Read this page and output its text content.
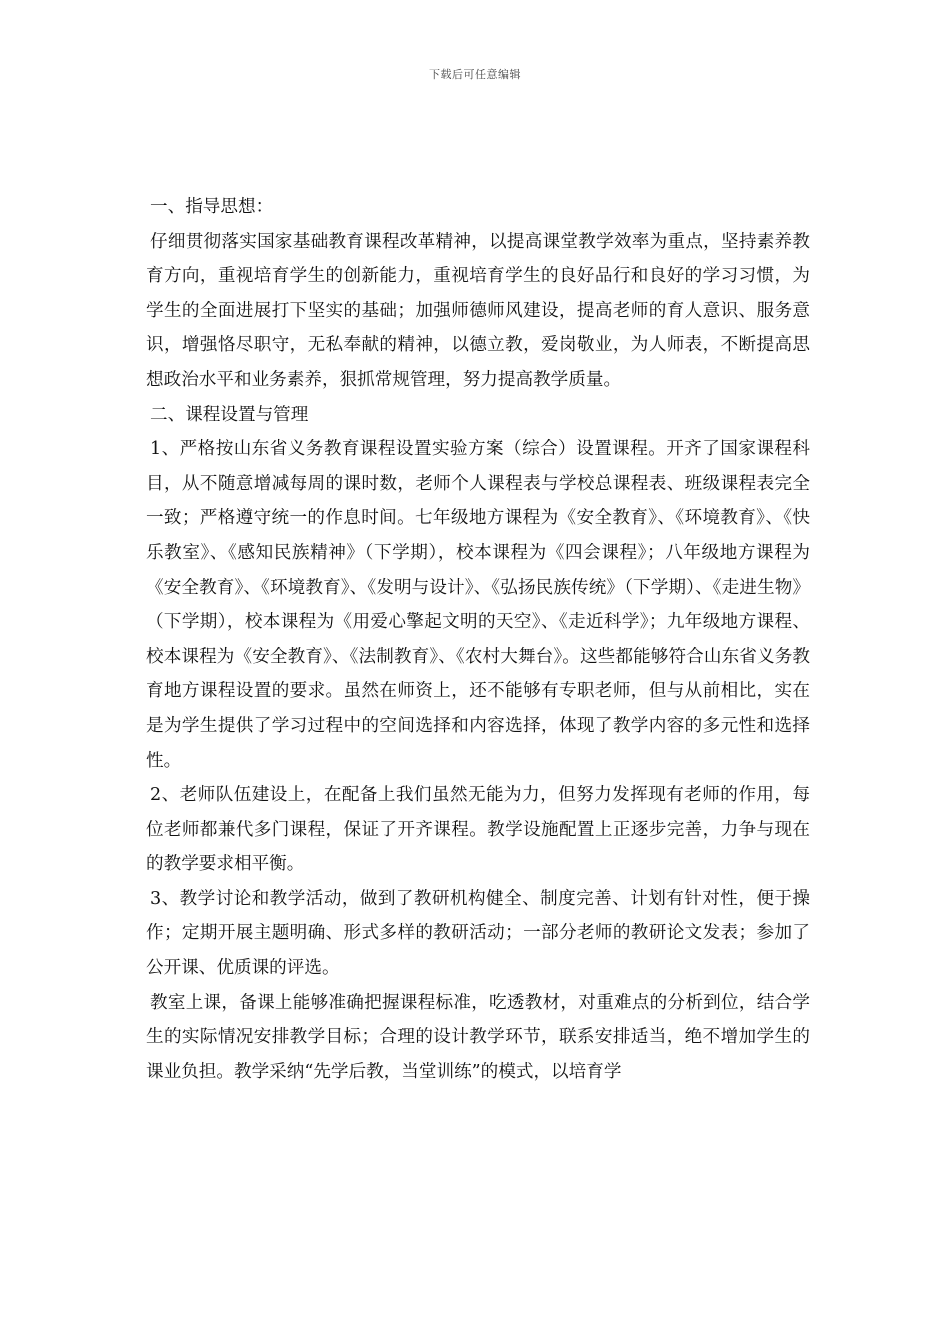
下载后可任意编辑

一、指导思想：

仔细贯彻落实国家基础教育课程改革精神，以提高课堂教学效率为重点，坚持素养教育方向，重视培育学生的创新能力，重视培育学生的良好品行和良好的学习习惯，为学生的全面进展打下坚实的基础；加强师德师风建设，提高老师的育人意识、服务意识，增强恪尽职守，无私奉献的精神，以德立教，爱岗敬业，为人师表，不断提高思想政治水平和业务素养，狠抓常规管理，努力提高教学质量。

二、课程设置与管理

1、严格按山东省义务教育课程设置实验方案（综合）设置课程。开齐了国家课程科目，从不随意增减每周的课时数，老师个人课程表与学校总课程表、班级课程表完全一致；严格遵守统一的作息时间。七年级地方课程为《安全教育》、《环境教育》、《快乐教室》、《感知民族精神》（下学期），校本课程为《四会课程》；八年级地方课程为《安全教育》、《环境教育》、《发明与设计》、《弘扬民族传统》（下学期）、《走进生物》（下学期），校本课程为《用爱心擎起文明的天空》、《走近科学》；九年级地方课程、校本课程为《安全教育》、《法制教育》、《农村大舞台》。这些都能够符合山东省义务教育地方课程设置的要求。虽然在师资上，还不能够有专职老师，但与从前相比，实在是为学生提供了学习过程中的空间选择和内容选择，体现了教学内容的多元性和选择性。

2、老师队伍建设上，在配备上我们虽然无能为力，但努力发挥现有老师的作用，每位老师都兼代多门课程，保证了开齐课程。教学设施配置上正逐步完善，力争与现在的教学要求相平衡。

3、教学讨论和教学活动，做到了教研机构健全、制度完善、计划有针对性，便于操作；定期开展主题明确、形式多样的教研活动；一部分老师的教研论文发表；参加了公开课、优质课的评选。

教室上课，备课上能够准确把握课程标准，吃透教材，对重难点的分析到位，结合学生的实际情况安排教学目标；合理的设计教学环节，联系安排适当，绝不增加学生的课业负担。教学采纳“先学后教，当堂训练”的模式，以培育学
